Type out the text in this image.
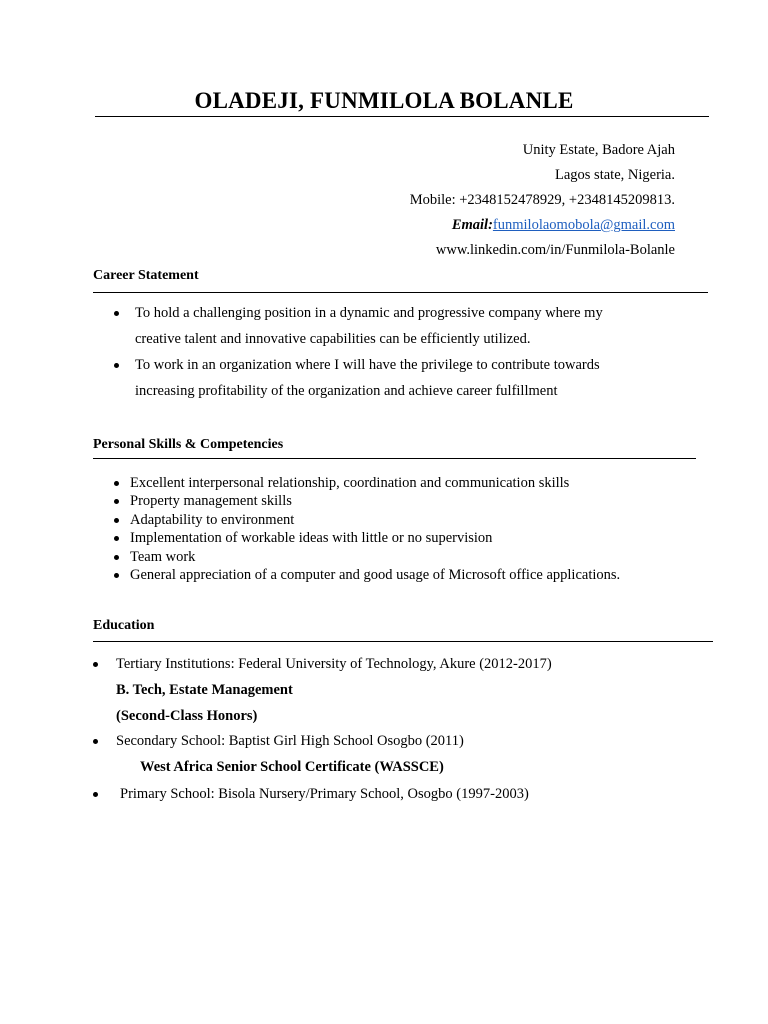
OLADEJI, FUNMILOLA BOLANLE
Unity Estate, Badore Ajah
Lagos state, Nigeria.
Mobile: +2348152478929, +2348145209813.
Email:funmilolaomobola@gmail.com
www.linkedin.com/in/Funmilola-Bolanle
Career Statement
To hold a challenging position in a dynamic and progressive company where my
creative talent and innovative capabilities can be efficiently utilized.
To work in an organization where I will have the privilege to contribute towards
increasing profitability of the organization and achieve career fulfillment
Personal Skills & Competencies
Excellent interpersonal relationship, coordination and communication skills
Property management skills
Adaptability to environment
Implementation of workable ideas with little or no supervision
Team work
General appreciation of a computer and good usage of Microsoft office applications.
Education
Tertiary Institutions: Federal University of Technology, Akure (2012-2017)
B. Tech, Estate Management
(Second-Class Honors)
Secondary School: Baptist Girl High School Osogbo (2011)
West Africa Senior School Certificate (WASSCE)
Primary School: Bisola Nursery/Primary School, Osogbo (1997-2003)
